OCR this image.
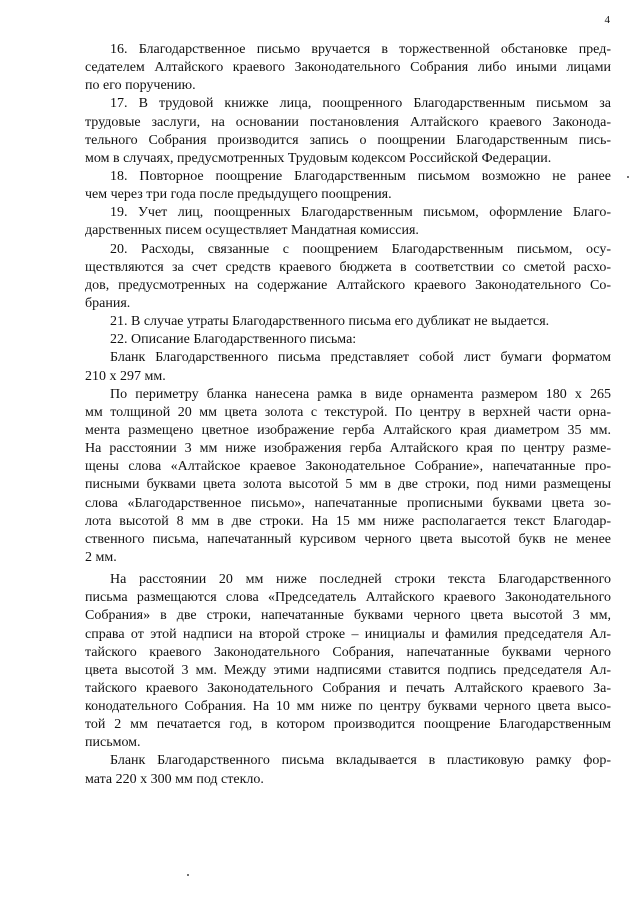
4
16. Благодарственное письмо вручается в торжественной обстановке пред-
седателем Алтайского краевого Законодательного Собрания либо иными лицами
по его поручению.
17. В трудовой книжке лица, поощренного Благодарственным письмом за
трудовые заслуги, на основании постановления Алтайского краевого Законода-
тельного Собрания производится запись о поощрении Благодарственным пись-
мом в случаях, предусмотренных Трудовым кодексом Российской Федерации.
18. Повторное поощрение Благодарственным письмом возможно не ранее
чем через три года после предыдущего поощрения.
19. Учет лиц, поощренных Благодарственным письмом, оформление Благо-
дарственных писем осуществляет Мандатная комиссия.
20. Расходы, связанные с поощрением Благодарственным письмом, осу-
ществляются за счет средств краевого бюджета в соответствии со сметой расхо-
дов, предусмотренных на содержание Алтайского краевого Законодательного Со-
брания.
21. В случае утраты Благодарственного письма его дубликат не выдается.
22. Описание Благодарственного письма:
Бланк Благодарственного письма представляет собой лист бумаги форматом
210 х 297 мм.
По периметру бланка нанесена рамка в виде орнамента размером 180 х 265
мм толщиной 20 мм цвета золота с текстурой. По центру в верхней части орна-
мента размещено цветное изображение герба Алтайского края диаметром 35 мм.
На расстоянии 3 мм ниже изображения герба Алтайского края по центру разме-
щены слова «Алтайское краевое Законодательное Собрание», напечатанные про-
писными буквами цвета золота высотой 5 мм в две строки, под ними размещены
слова «Благодарственное письмо», напечатанные прописными буквами цвета зо-
лота высотой 8 мм в две строки. На 15 мм ниже располагается текст Благодар-
ственного письма, напечатанный курсивом черного цвета высотой букв не менее
2 мм.
На расстоянии 20 мм ниже последней строки текста Благодарственного
письма размещаются слова «Председатель Алтайского краевого Законодательного
Собрания» в две строки, напечатанные буквами черного цвета высотой 3 мм,
справа от этой надписи на второй строке – инициалы и фамилия председателя Ал-
тайского краевого Законодательного Собрания, напечатанные буквами черного
цвета высотой 3 мм. Между этими надписями ставится подпись председателя Ал-
тайского краевого Законодательного Собрания и печать Алтайского краевого За-
конодательного Собрания. На 10 мм ниже по центру буквами черного цвета высо-
той 2 мм печатается год, в котором производится поощрение Благодарственным
письмом.
Бланк Благодарственного письма вкладывается в пластиковую рамку фор-
мата 220 х 300 мм под стекло.
